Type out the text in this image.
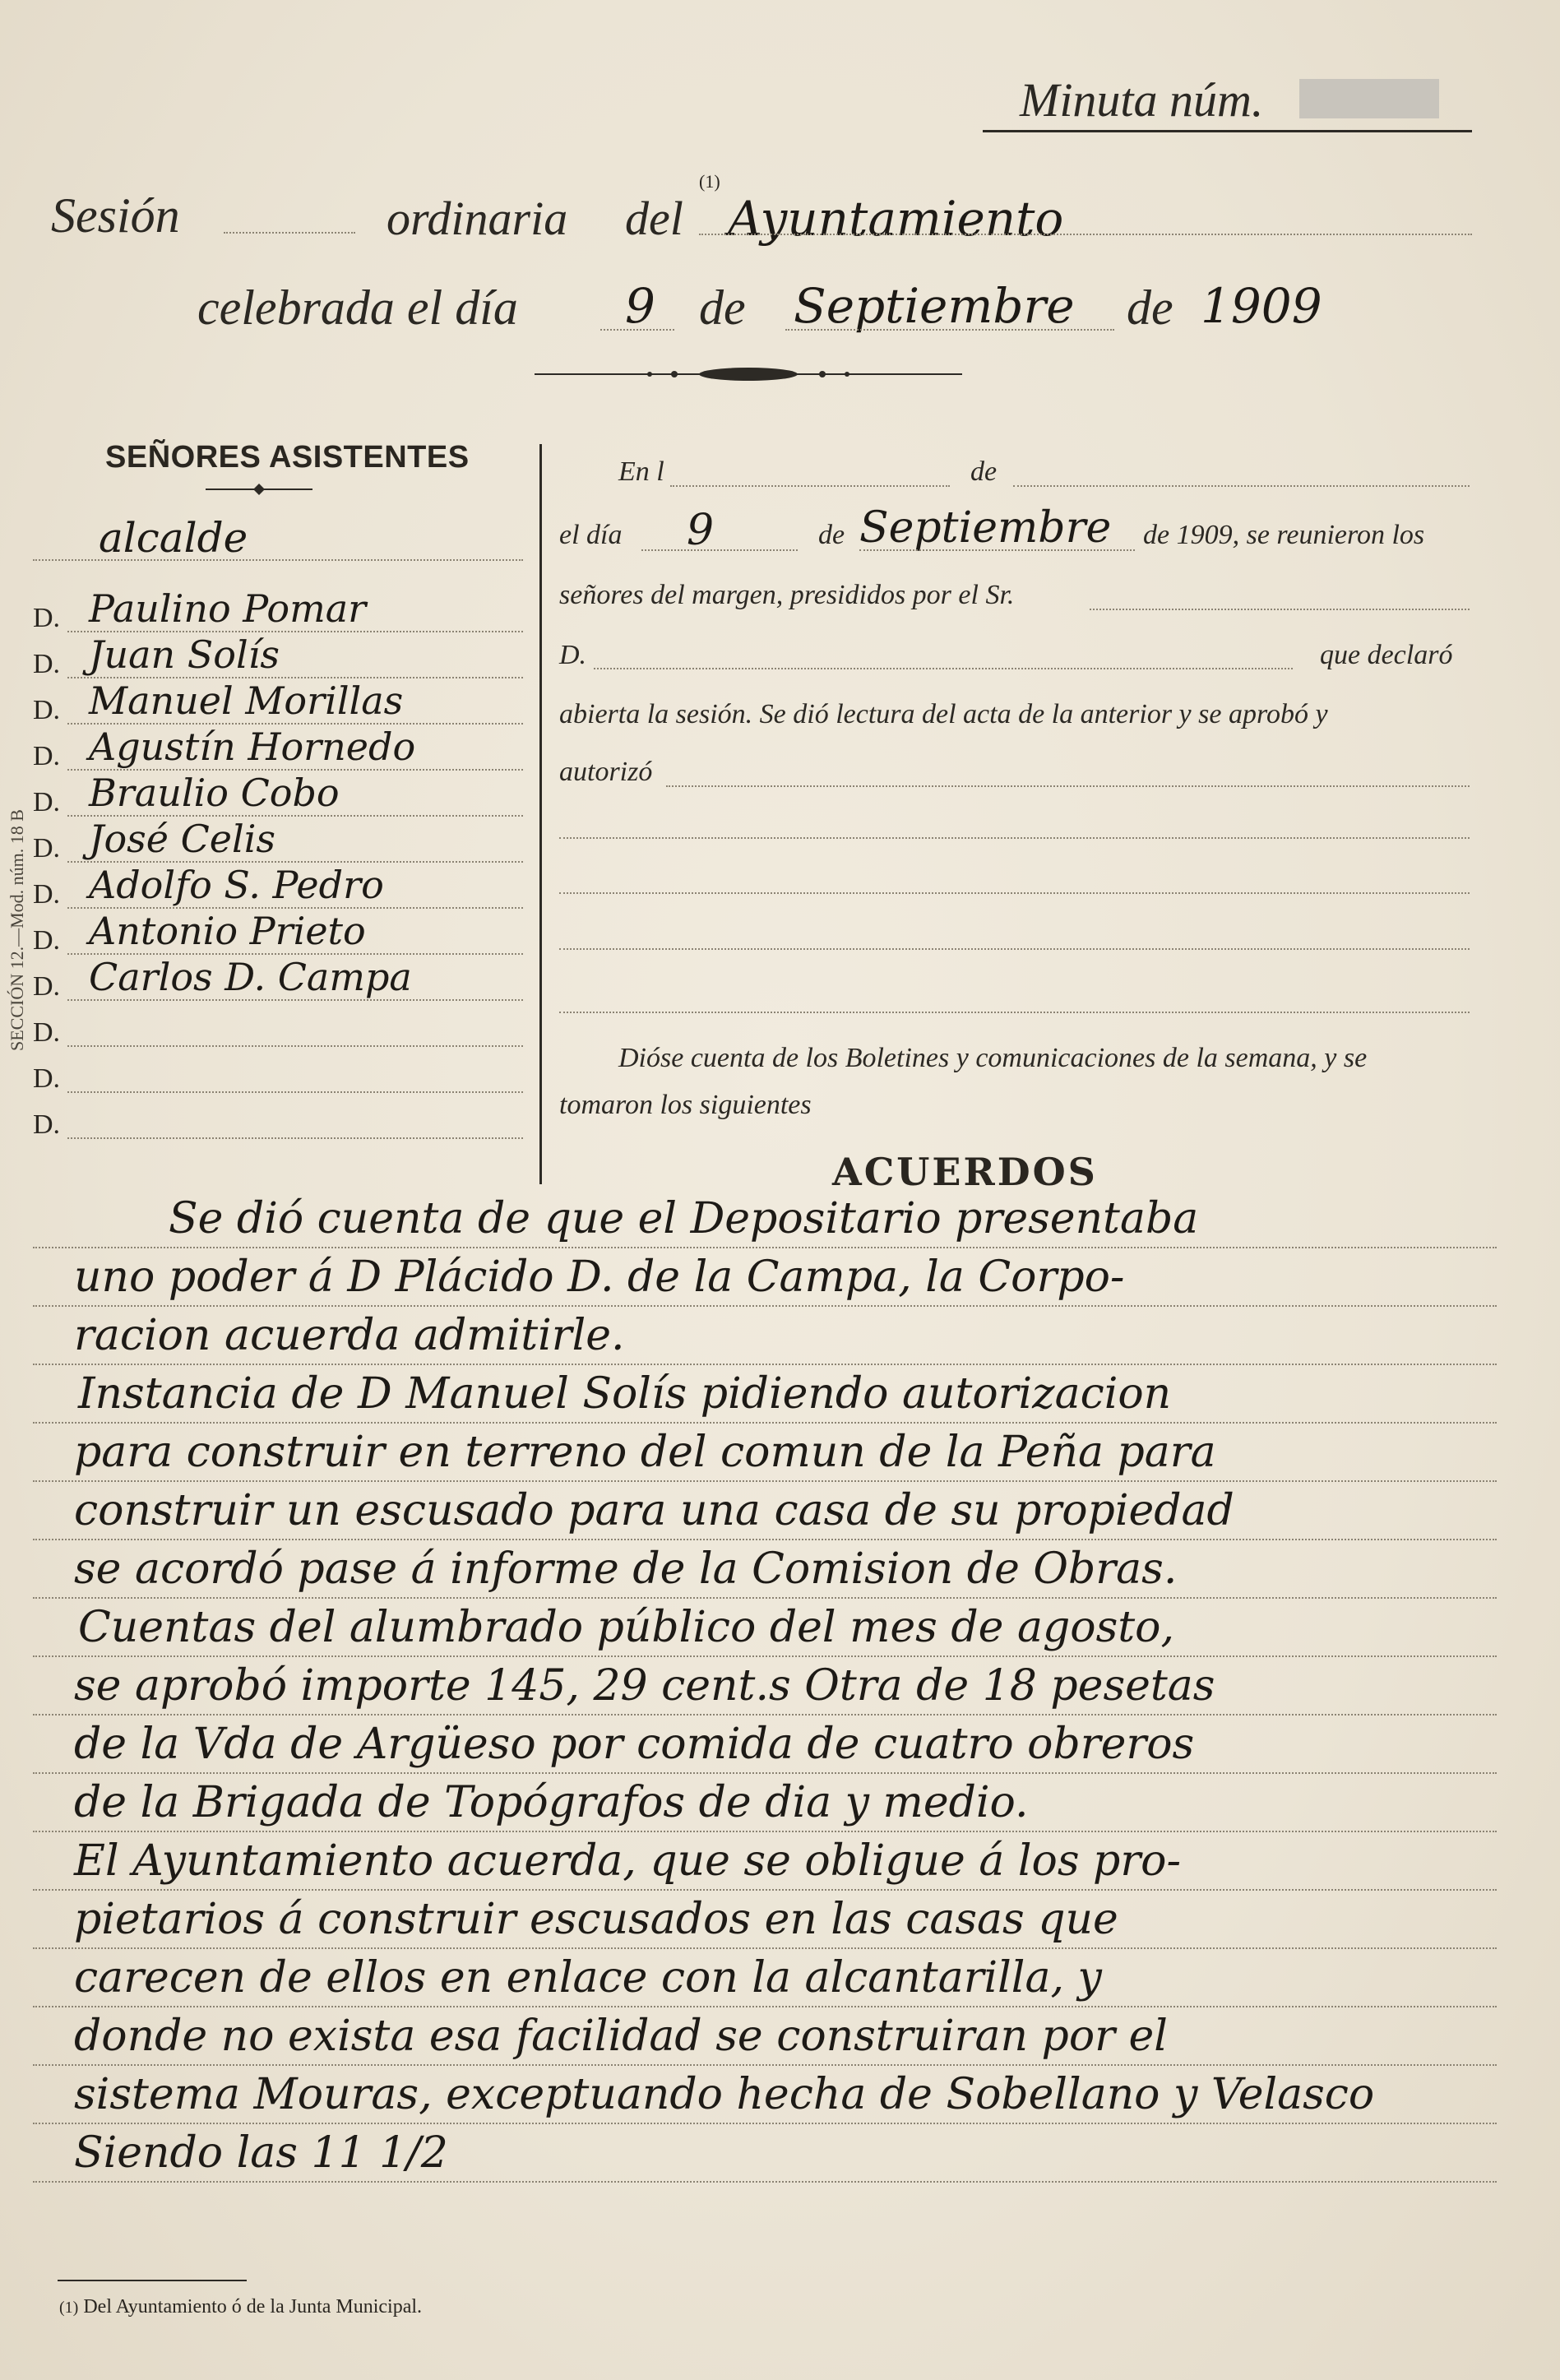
Minuta núm.
Sesión	ordinaria del
(1)
Ayuntamiento
celebrada el día 9 de Septiembre de 1909
SECCIÓN 12.—Mod. núm. 18 B
SEÑORES ASISTENTES
alcalde
D. Paulino Pomar
D. Juan Solís
D. Manuel Morillas
D. Agustín Hornedo
D. Braulio Cobo
D. José Celis
D. Adolfo S. Pedro
D. Antonio Prieto
D. Carlos D. Campa
D.
D.
D.
En l	de
el día 9	de Septiembre de 1909, se reunieron los
señores del margen, presididos por el Sr.
D.	que declaró
abierta la sesión. Se dió lectura del acta de la anterior y se aprobó y
autorizó
Dióse cuenta de los Boletines y comunicaciones de la semana, y se
tomaron los siguientes
ACUERDOS
Se dió cuenta de que el Depositario presentaba
uno poder á D Plácido D. de la Campa, la Corpo-
racion acuerda admitirle.
Instancia de D Manuel Solís pidiendo autorizacion
para construir en terreno del comun de la Peña para
construir un escusado para una casa de su propiedad
se acordó pase á informe de la Comision de Obras.
Cuentas del alumbrado público del mes de agosto,
se aprobó importe 145, 29 cent.s Otra de 18 pesetas
de la Vda de Argüeso por comida de cuatro obreros
de la Brigada de Topógrafos de dia y medio.
El Ayuntamiento acuerda, que se obligue á los pro-
pietarios á construir escusados en las casas que
carecen de ellos en enlace con la alcantarilla, y
donde no exista esa facilidad se construiran por el
sistema Mouras, exceptuando hecha de Sobellano y Velasco
Siendo las 11 1/2
(1) Del Ayuntamiento ó de la Junta Municipal.
